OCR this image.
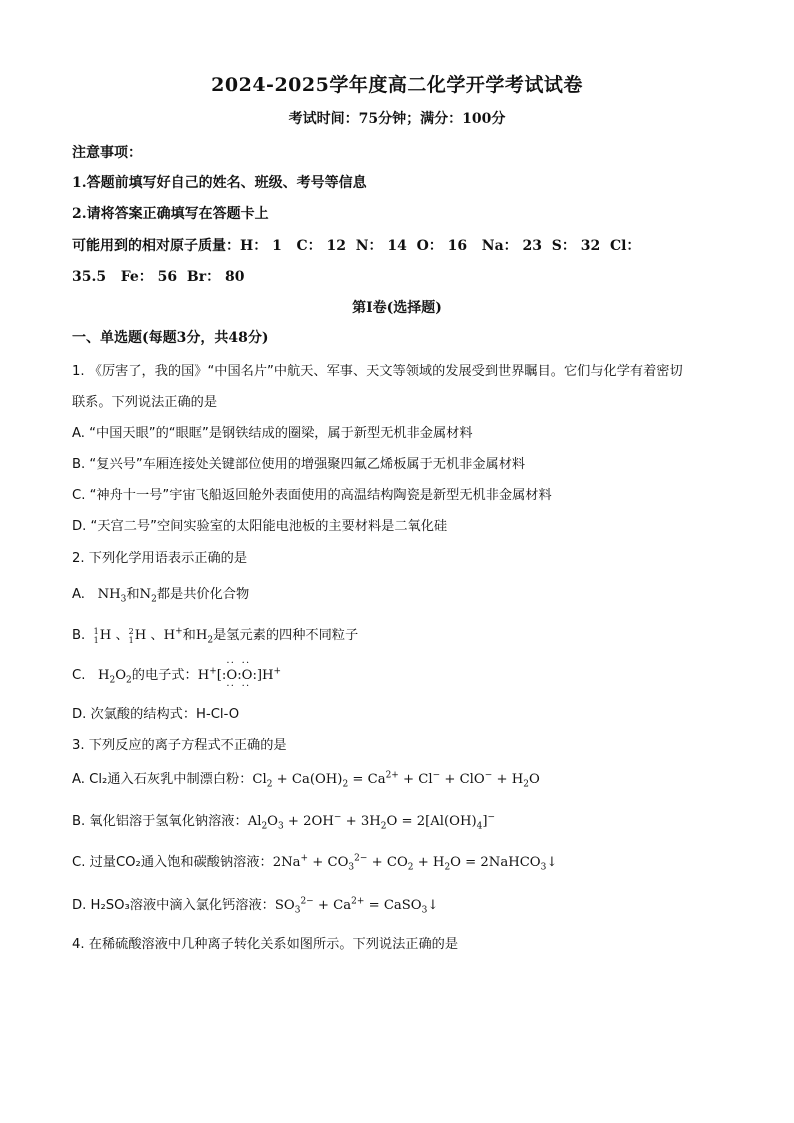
2024-2025学年度高二化学开学考试试卷
考试时间：75分钟；满分：100分
注意事项：
1.答题前填写好自己的姓名、班级、考号等信息
2.请将答案正确填写在答题卡上
可能用到的相对原子质量：H： 1   C： 12  N： 14  O： 16   Na： 23  S： 32  Cl：
35.5   Fe： 56  Br： 80
第Ⅰ卷(选择题)
一、单选题(每题3分，共48分)
1. 《厉害了，我的国》“中国名片”中航天、军事、天文等领域的发展受到世界瞩目。它们与化学有着密切
联系。下列说法正确的是
A. “中国天眼”的“眼眶”是钢铁结成的圈梁，属于新型无机非金属材料
B. “复兴号”车厢连接处关键部位使用的增强聚四氟乙烯板属于无机非金属材料
C. “神舟十一号”宇宙飞船返回舱外表面使用的高温结构陶瓷是新型无机非金属材料
D. “天宫二号”空间实验室的太阳能电池板的主要材料是二氧化硅
2. 下列化学用语表示正确的是
A.   $NH_3$和$N_2$都是共价化合物
B. 1
1H 、2
1H 、H+和$H_2$是氢元素的四种不同粒子
C.   $H_2O_2$的电子式：H+[:· · O · ·:· · O · ·:]H+
D. 次氯酸的结构式：H-Cl-O
3. 下列反应的离子方程式不正确的是
A. Cl₂通入石灰乳中制漂白粉：$Cl_2 + Ca(OH)_2 = Ca^{2+} + Cl^- + ClO^- + H_2O$
B. 氧化铝溶于氢氧化钠溶液：$Al_2O_3 + 2OH^- + 3H_2O = 2[Al(OH)_4]^-$
C. 过量CO₂通入饱和碳酸钠溶液：$2Na^+ + CO_3^{2-} + CO_2 + H_2O$ = 2NaHCO$_3$↓
D. H₂SO₃溶液中滴入氯化钙溶液：$SO_3^{2-} + Ca^{2+}$ = CaSO$_3$↓
4. 在稀硫酸溶液中几种离子转化关系如图所示。下列说法正确的是
